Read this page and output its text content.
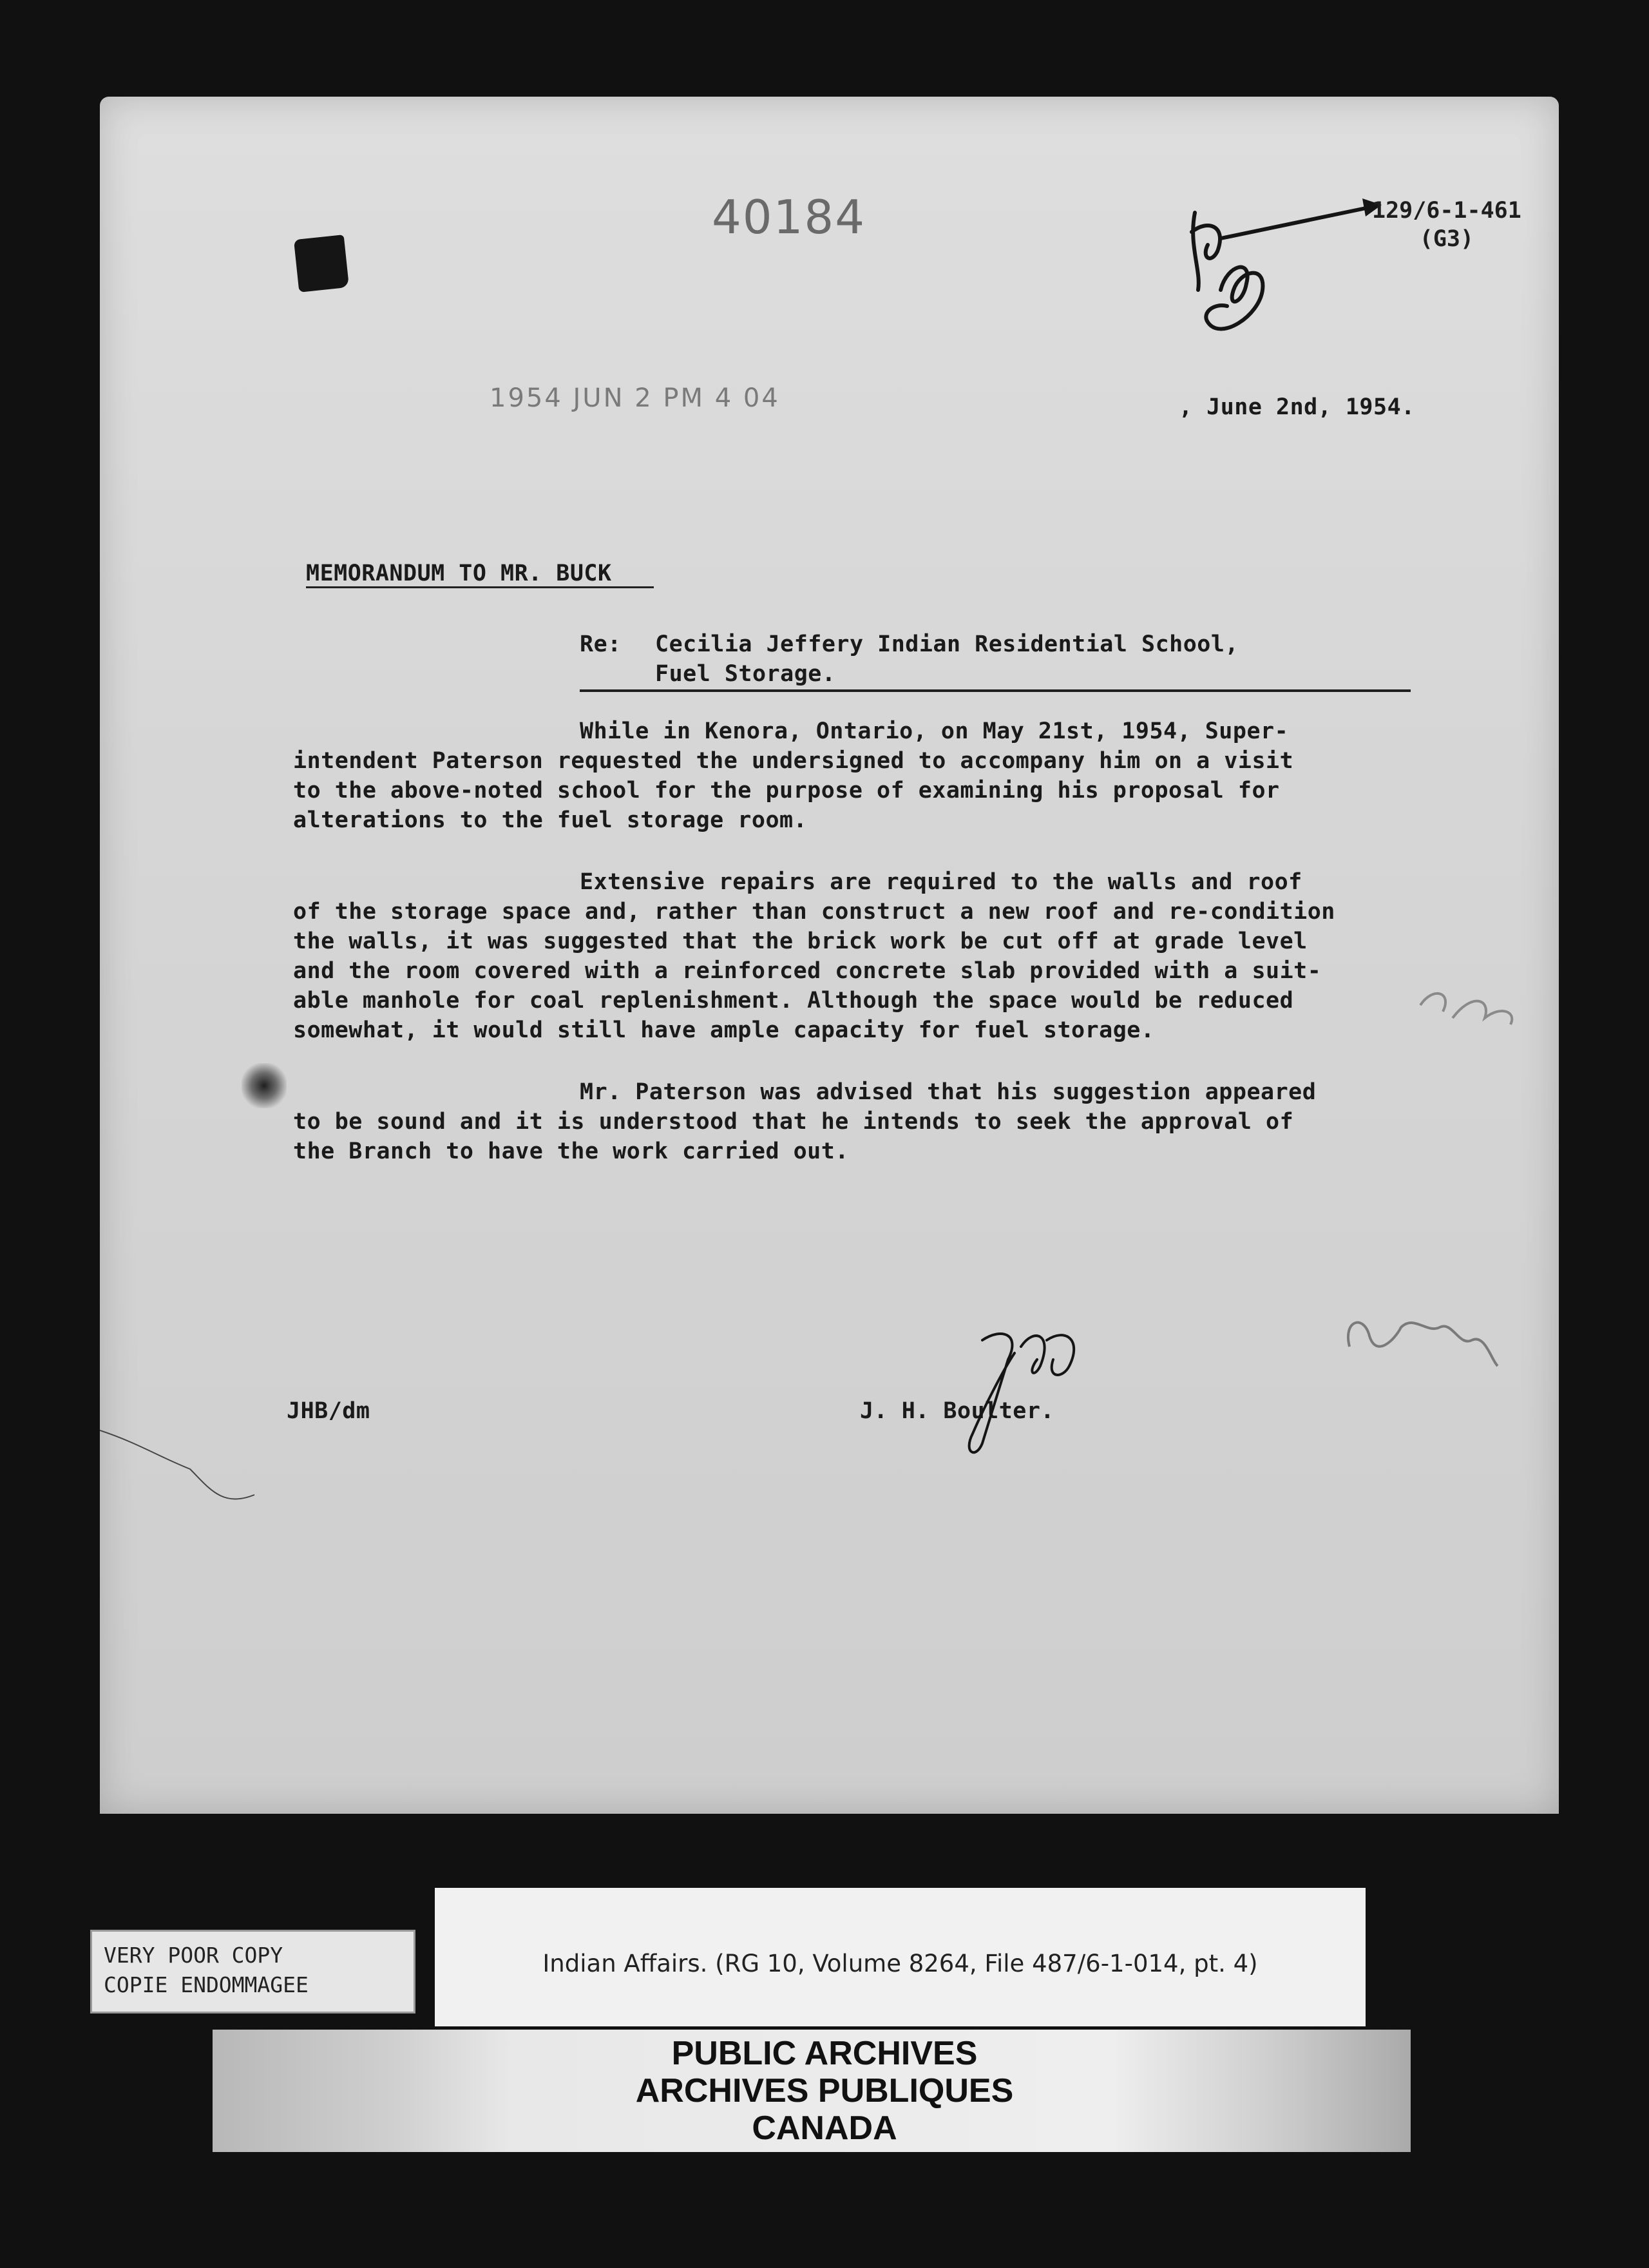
40184
1954 JUN 2 PM 4 04
129/6-1-461
(G3)
, June 2nd, 1954.
MEMORANDUM TO MR. BUCK
Re: Cecilia Jeffery Indian Residential School,
Fuel Storage.
While in Kenora, Ontario, on May 21st, 1954, Super-
intendent Paterson requested the undersigned to accompany him on a visit
to the above-noted school for the purpose of examining his proposal for
alterations to the fuel storage room.
Extensive repairs are required to the walls and roof
of the storage space and, rather than construct a new roof and re-condition
the walls, it was suggested that the brick work be cut off at grade level
and the room covered with a reinforced concrete slab provided with a suit-
able manhole for coal replenishment. Although the space would be reduced
somewhat, it would still have ample capacity for fuel storage.
Mr. Paterson was advised that his suggestion appeared
to be sound and it is understood that he intends to seek the approval of
the Branch to have the work carried out.
JHB/dm	J. H. Boulter.
VERY POOR COPY
COPIE ENDOMMAGEE
Indian Affairs. (RG 10, Volume 8264, File 487/6-1-014, pt. 4)
PUBLIC ARCHIVES
ARCHIVES PUBLIQUES
CANADA
